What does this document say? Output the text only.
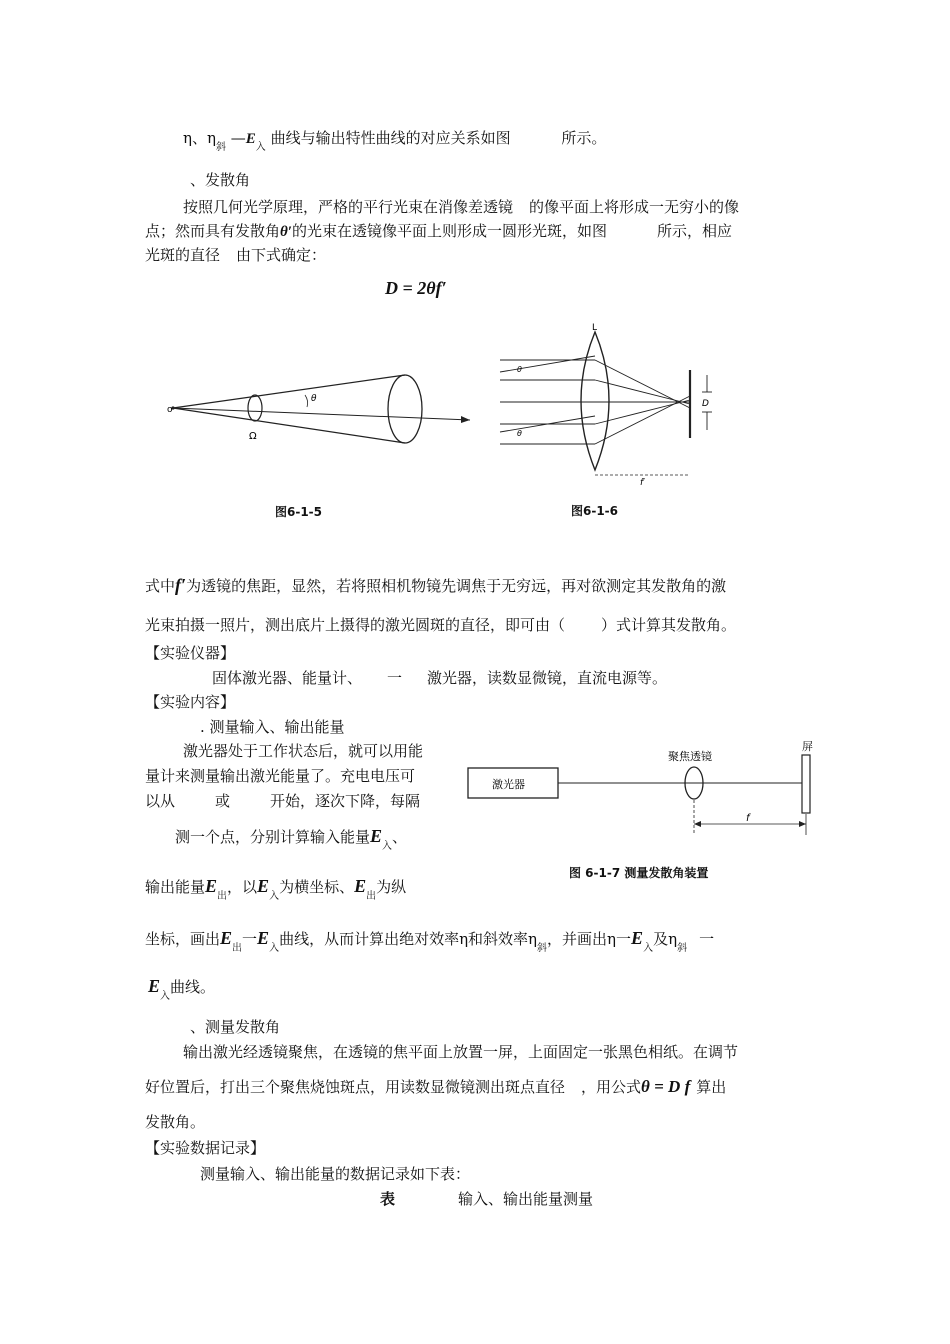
η、$\eta_斜$ $—E_入$ 曲线与输出特性曲线的对应关系如图	所示。
、发散角
按照几何光学原理，严格的平行光束在消像差透镜 的像平面上将形成一无穷小的像
点；然而具有发散角θ′的光束在透镜像平面上则形成一圆形光斑，如图	所示，相应
光斑的直径 由下式确定：
D = 2θf′
o
θ
Ω
图6-1-5
L
D
θ
θ
f′
图6-1-6
式中f′为透镜的焦距，显然，若将照相机物镜先调焦于无穷远，再对欲测定其发散角的激
光束拍摄一照片，测出底片上摄得的激光圆斑的直径，即可由（ ）式计算其发散角。
【实验仪器】
固体激光器、能量计、 一 激光器，读数显微镜，直流电源等。
【实验内容】
. 测量输入、输出能量
激光器处于工作状态后，就可以用能
量计来测量输出激光能量了。充电电压可
以从	或	开始，逐次下降，每隔
测一个点，分别计算输入能量$E_入$、
输出能量$E_出$，以$E_入$为横坐标、$E_出$为纵
激光器
聚焦透镜
屏
f
图 6-1-7 测量发散角装置
坐标，画出$E_出$一$E_入$曲线，从而计算出绝对效率η和斜效率$\eta_斜$，并画出η一$E_入$及$\eta_斜$一
$E_入$曲线。
、测量发散角
输出激光经透镜聚焦，在透镜的焦平面上放置一屏，上面固定一张黑色相纸。在调节
好位置后，打出三个聚焦烧蚀斑点，用读数显微镜测出斑点直径 ，用公式θ = D f 算出
发散角。
【实验数据记录】
测量输入、输出能量的数据记录如下表：
表	输入、输出能量测量
